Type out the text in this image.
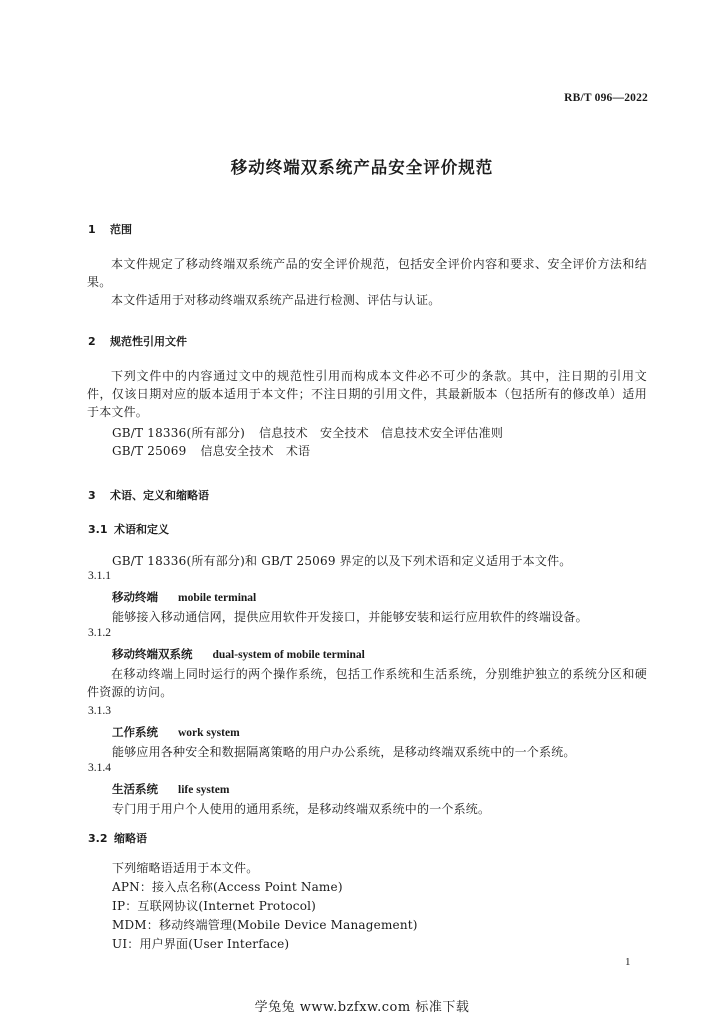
RB/T 096—2022
移动终端双系统产品安全评价规范
1 范围
本文件规定了移动终端双系统产品的安全评价规范，包括安全评价内容和要求、安全评价方法和结果。
本文件适用于对移动终端双系统产品进行检测、评估与认证。
2 规范性引用文件
下列文件中的内容通过文中的规范性引用而构成本文件必不可少的条款。其中，注日期的引用文件，仅该日期对应的版本适用于本文件；不注日期的引用文件，其最新版本（包括所有的修改单）适用于本文件。
GB/T 18336(所有部分) 信息技术　安全技术　信息技术安全评估准则
GB/T 25069 信息安全技术　术语
3 术语、定义和缩略语
3.1 术语和定义
GB/T 18336(所有部分)和 GB/T 25069 界定的以及下列术语和定义适用于本文件。
3.1.1
移动终端 mobile terminal
能够接入移动通信网，提供应用软件开发接口，并能够安装和运行应用软件的终端设备。
3.1.2
移动终端双系统 dual-system of mobile terminal
在移动终端上同时运行的两个操作系统，包括工作系统和生活系统，分别维护独立的系统分区和硬件资源的访问。
3.1.3
工作系统 work system
能够应用各种安全和数据隔离策略的用户办公系统，是移动终端双系统中的一个系统。
3.1.4
生活系统 life system
专门用于用户个人使用的通用系统，是移动终端双系统中的一个系统。
3.2 缩略语
下列缩略语适用于本文件。
APN：接入点名称(Access Point Name)
IP：互联网协议(Internet Protocol)
MDM：移动终端管理(Mobile Device Management)
UI：用户界面(User Interface)
1
学兔兔 www.bzfxw.com 标准下载
